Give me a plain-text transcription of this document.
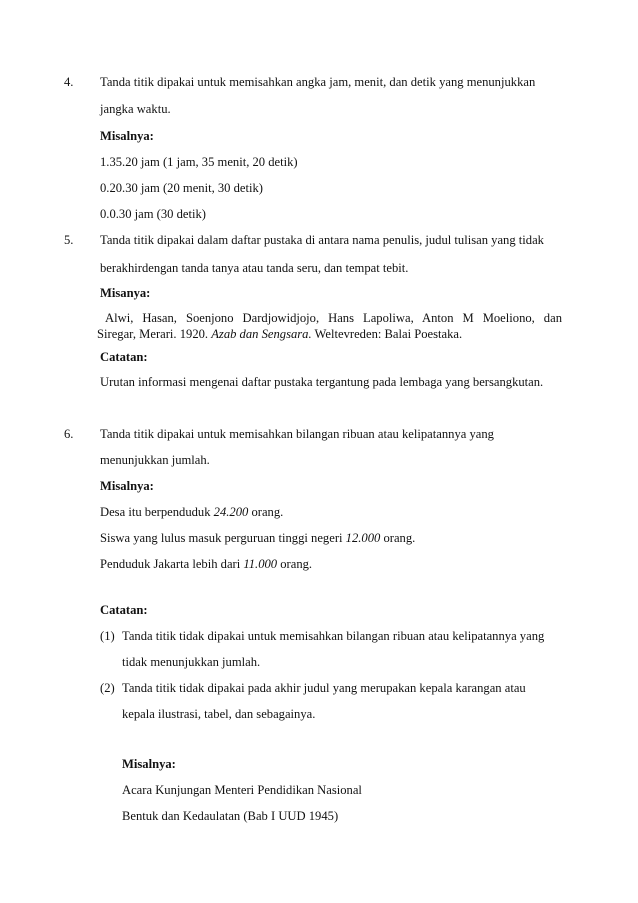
4. Tanda titik dipakai untuk memisahkan angka jam, menit, dan detik yang menunjukkan
jangka waktu.
Misalnya:
1.35.20 jam (1 jam, 35 menit, 20 detik)
0.20.30 jam (20 menit, 30 detik)
0.0.30 jam (30 detik)
5. Tanda titik dipakai dalam daftar pustaka di antara nama penulis, judul tulisan yang tidak
berakhirdengan tanda tanya atau tanda seru, dan tempat tebit.
Misanya:
Alwi, Hasan, Soenjono Dardjowidjojo, Hans Lapoliwa, Anton M Moeliono, dan
Siregar, Merari. 1920. Azab dan Sengsara. Weltevreden: Balai Poestaka.
Catatan:
Urutan informasi mengenai daftar pustaka tergantung pada lembaga yang bersangkutan.
6. Tanda titik dipakai untuk memisahkan bilangan ribuan atau kelipatannya yang
menunjukkan jumlah.
Misalnya:
Desa itu berpenduduk 24.200 orang.
Siswa yang lulus masuk perguruan tinggi negeri 12.000 orang.
Penduduk Jakarta lebih dari 11.000 orang.
Catatan:
(1) Tanda titik tidak dipakai untuk memisahkan bilangan ribuan atau kelipatannya yang
tidak menunjukkan jumlah.
(2) Tanda titik tidak dipakai pada akhir judul yang merupakan kepala karangan atau
kepala ilustrasi, tabel, dan sebagainya.
Misalnya:
Acara Kunjungan Menteri Pendidikan Nasional
Bentuk dan Kedaulatan (Bab I UUD 1945)
